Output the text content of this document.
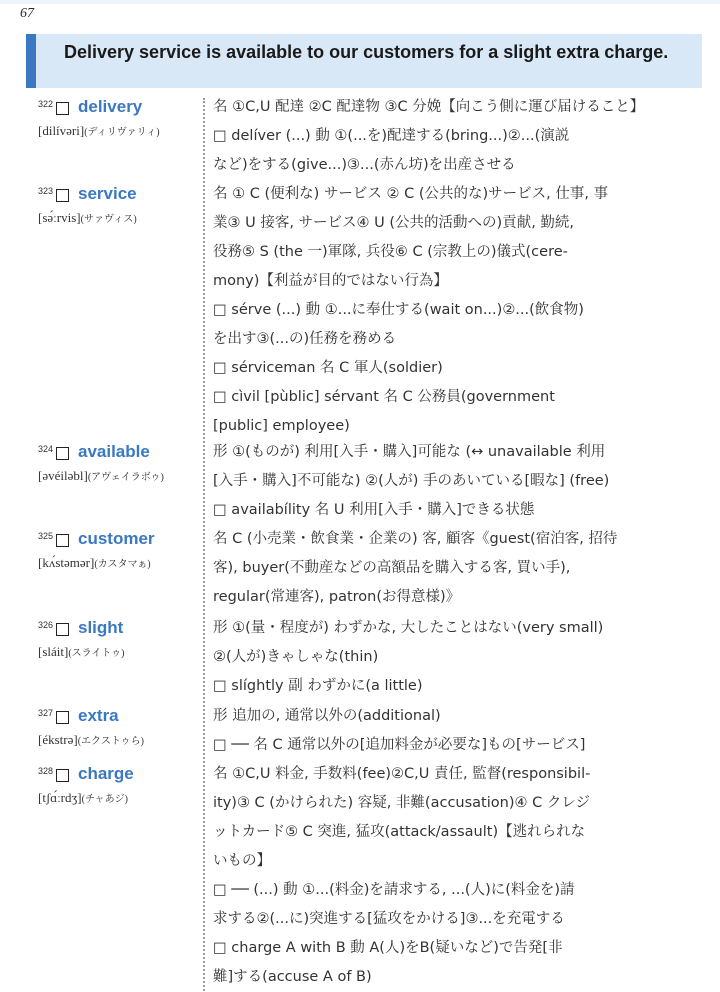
67
Delivery service is available to our customers for a slight extra charge.
322 delivery
[dilívəri](ディリヴァリィ)
名 ①C,U 配達 ②C 配達物 ③C 分娩【向こう側に運び届けること】
□ delíver (...) 動 ①(...を)配達する(bring...)②...(演説
など)をする(give...)③...(赤ん坊)を出産させる
323 service
[sə́ːrvis](サァヴィス)
名 ① C (便利な) サービス ② C (公共的な)サービス, 仕事, 事
業③ U 接客, サービス④ U (公共的活動への)貢献, 勤続,
役務⑤ S (the 一)軍隊, 兵役⑥ C (宗教上の)儀式(cere-
mony)【利益が目的ではない行為】
□ sérve (...) 動 ①...に奉仕する(wait on...)②...(飲食物)
を出す③(...の)任務を務める
□ sérviceman 名 C 軍人(soldier)
□ cìvil [pùblic] sérvant 名 C 公務員(government
[public] employee)
324 available
[əvéiləbl](アヴェイラボゥ)
形 ①(ものが) 利用[入手・購入]可能な (↔ unavailable 利用
[入手・購入]不可能な) ②(人が) 手のあいている[暇な] (free)
□ availabílity 名 U 利用[入手・購入]できる状態
325 customer
[kʌ́stəmər](カスタマぁ)
名 C (小売業・飲食業・企業の) 客, 顧客《guest(宿泊客, 招待
客), buyer(不動産などの高額品を購入する客, 買い手),
regular(常連客), patron(お得意様)》
326 slight
[sláit](スライトゥ)
形 ①(量・程度が) わずかな, 大したことはない(very small)
②(人が)きゃしゃな(thin)
□ slíghtly 副 わずかに(a little)
327 extra
[ékstrə](エクストゥら)
形 追加の, 通常以外の(additional)
□ ── 名 C 通常以外の[追加料金が必要な]もの[サービス]
328 charge
[tʃɑ́ːrdʒ](チャあジ)
名 ①C,U 料金, 手数料(fee)②C,U 責任, 監督(responsibil-
ity)③ C (かけられた) 容疑, 非難(accusation)④ C クレジ
ットカード⑤ C 突進, 猛攻(attack/assault)【逃れられな
いもの】
□ ── (...) 動 ①...(料金)を請求する, ...(人)に(料金を)請
求する②(...に)突進する[猛攻をかける]③...を充電する
□ charge A with B 動 A(人)をB(疑いなど)で告発[非
難]する(accuse A of B)
